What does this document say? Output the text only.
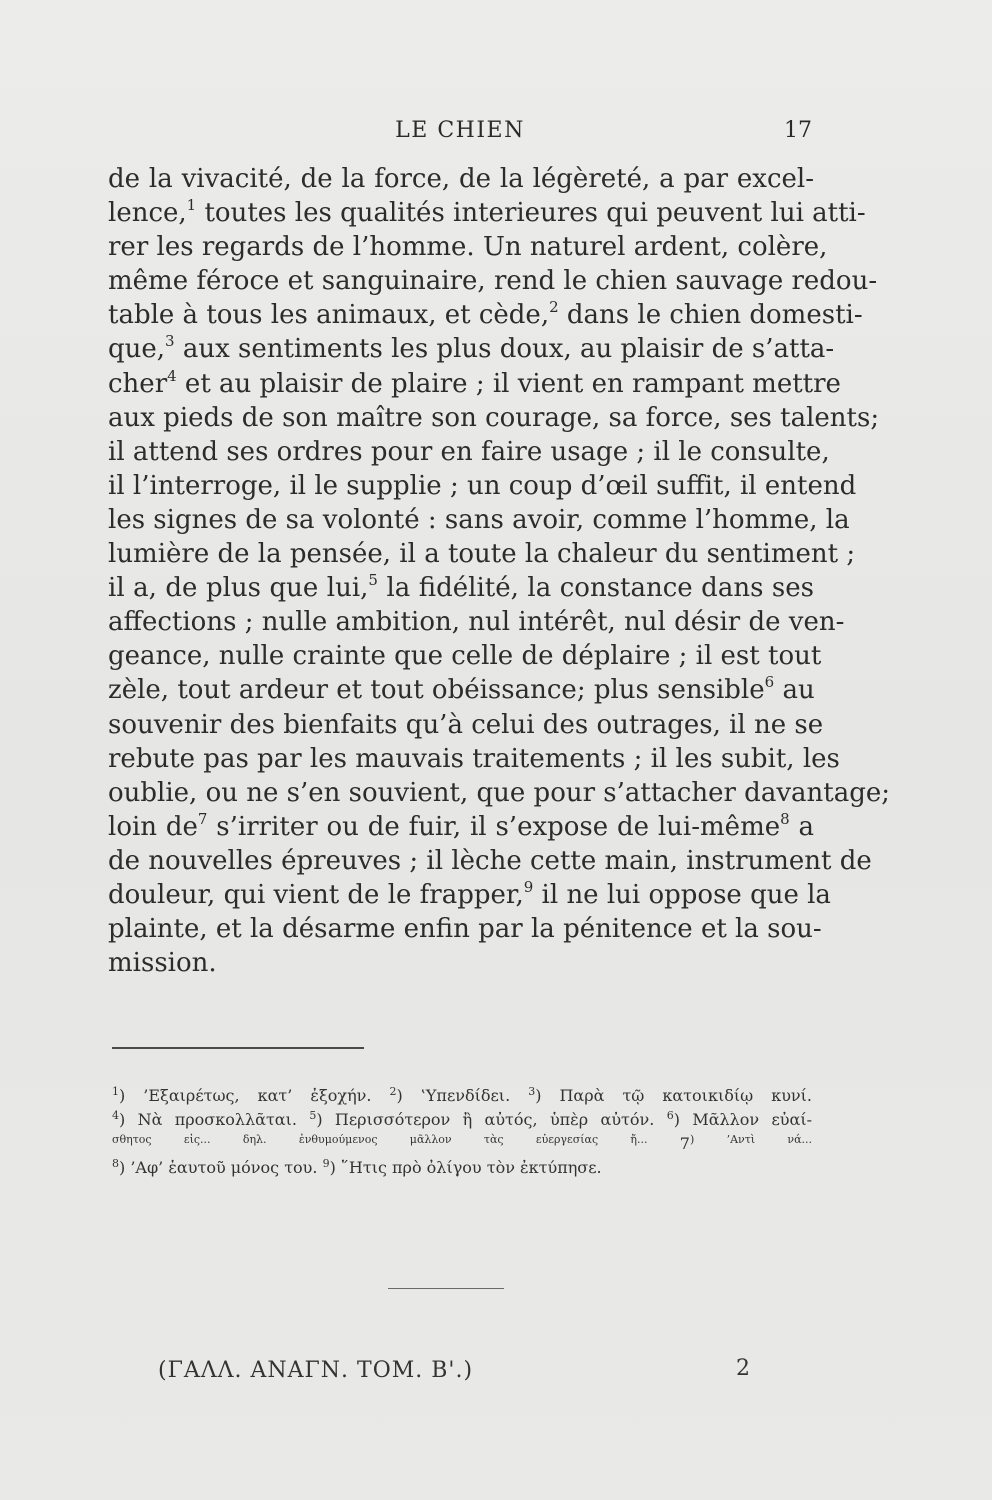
LE CHIEN	17
de la vivacité, de la force, de la légèreté, a par excel-
lence,$^1$ toutes les qualités interieures qui peuvent lui atti-
rer les regards de l’homme. Un naturel ardent, colère,
même féroce et sanguinaire, rend le chien sauvage redou-
table à tous les animaux, et cède,$^2$ dans le chien domesti-
que,$^3$ aux sentiments les plus doux, au plaisir de s’atta-
cher$^4$ et au plaisir de plaire ; il vient en rampant mettre
aux pieds de son maître son courage, sa force, ses talents;
il attend ses ordres pour en faire usage ; il le consulte,
il l’interroge, il le supplie ; un coup d’œil suffit, il entend
les signes de sa volonté : sans avoir, comme l’homme, la
lumière de la pensée, il a toute la chaleur du sentiment ;
il a, de plus que lui,$^5$ la fidélité, la constance dans ses
affections ; nulle ambition, nul intérêt, nul désir de ven-
geance, nulle crainte que celle de déplaire ; il est tout
zèle, tout ardeur et tout obéissance; plus sensible$^6$ au
souvenir des bienfaits qu’à celui des outrages, il ne se
rebute pas par les mauvais traitements ; il les subit, les
oublie, ou ne s’en souvient, que pour s’attacher davantage;
loin $de^7$ s’irriter ou de fuir, il s’expose de lui-même$^8$ a
de nouvelles épreuves ; il lèche cette main, instrument de
douleur, qui vient de le frapper,$^9$ il ne lui oppose que la
plainte, et la désarme enfin par la pénitence et la sou-
mission.
$^1$) ’Εξαιρέτως, κατ’ ἐξοχήν. $^2$) ‛Υπενδίδει. $^3$) Παρὰ τῷ κατοικιδίῳ κυνί.
$^4$) Νὰ προσκολλᾶται. $^5$) Περισσότερον ἢ αὐτός, ὑπὲρ αὐτόν. $^6$) Μᾶλλον εὐαί-
$^{\sigma\theta\eta\tau o\varsigma \varepsilon ἰ\varsigma... \delta\eta\lambda. ἐ\nu\theta\upsilon\mu oύ\mu\varepsilon\nu o\varsigma \mu ᾶ\lambda\lambda o\nu \tau ὰ\varsigma \varepsilon ὐ\varepsilon\rho\gamma\varepsilon\sigma ί\alpha\varsigma ἤ...}$ $7^{) ’A\nu\tau ὶ \nu ά...}$
$^8$) ’Αφ’ ἑαυτοῦ μόνος του. $^9$) ῞Ητις πρὸ ὀλίγου τὸν ἐκτύπησε.
(ΓΑΛΛ. ΑΝΑΓΝ. ΤΟΜ. Β'.)	2
